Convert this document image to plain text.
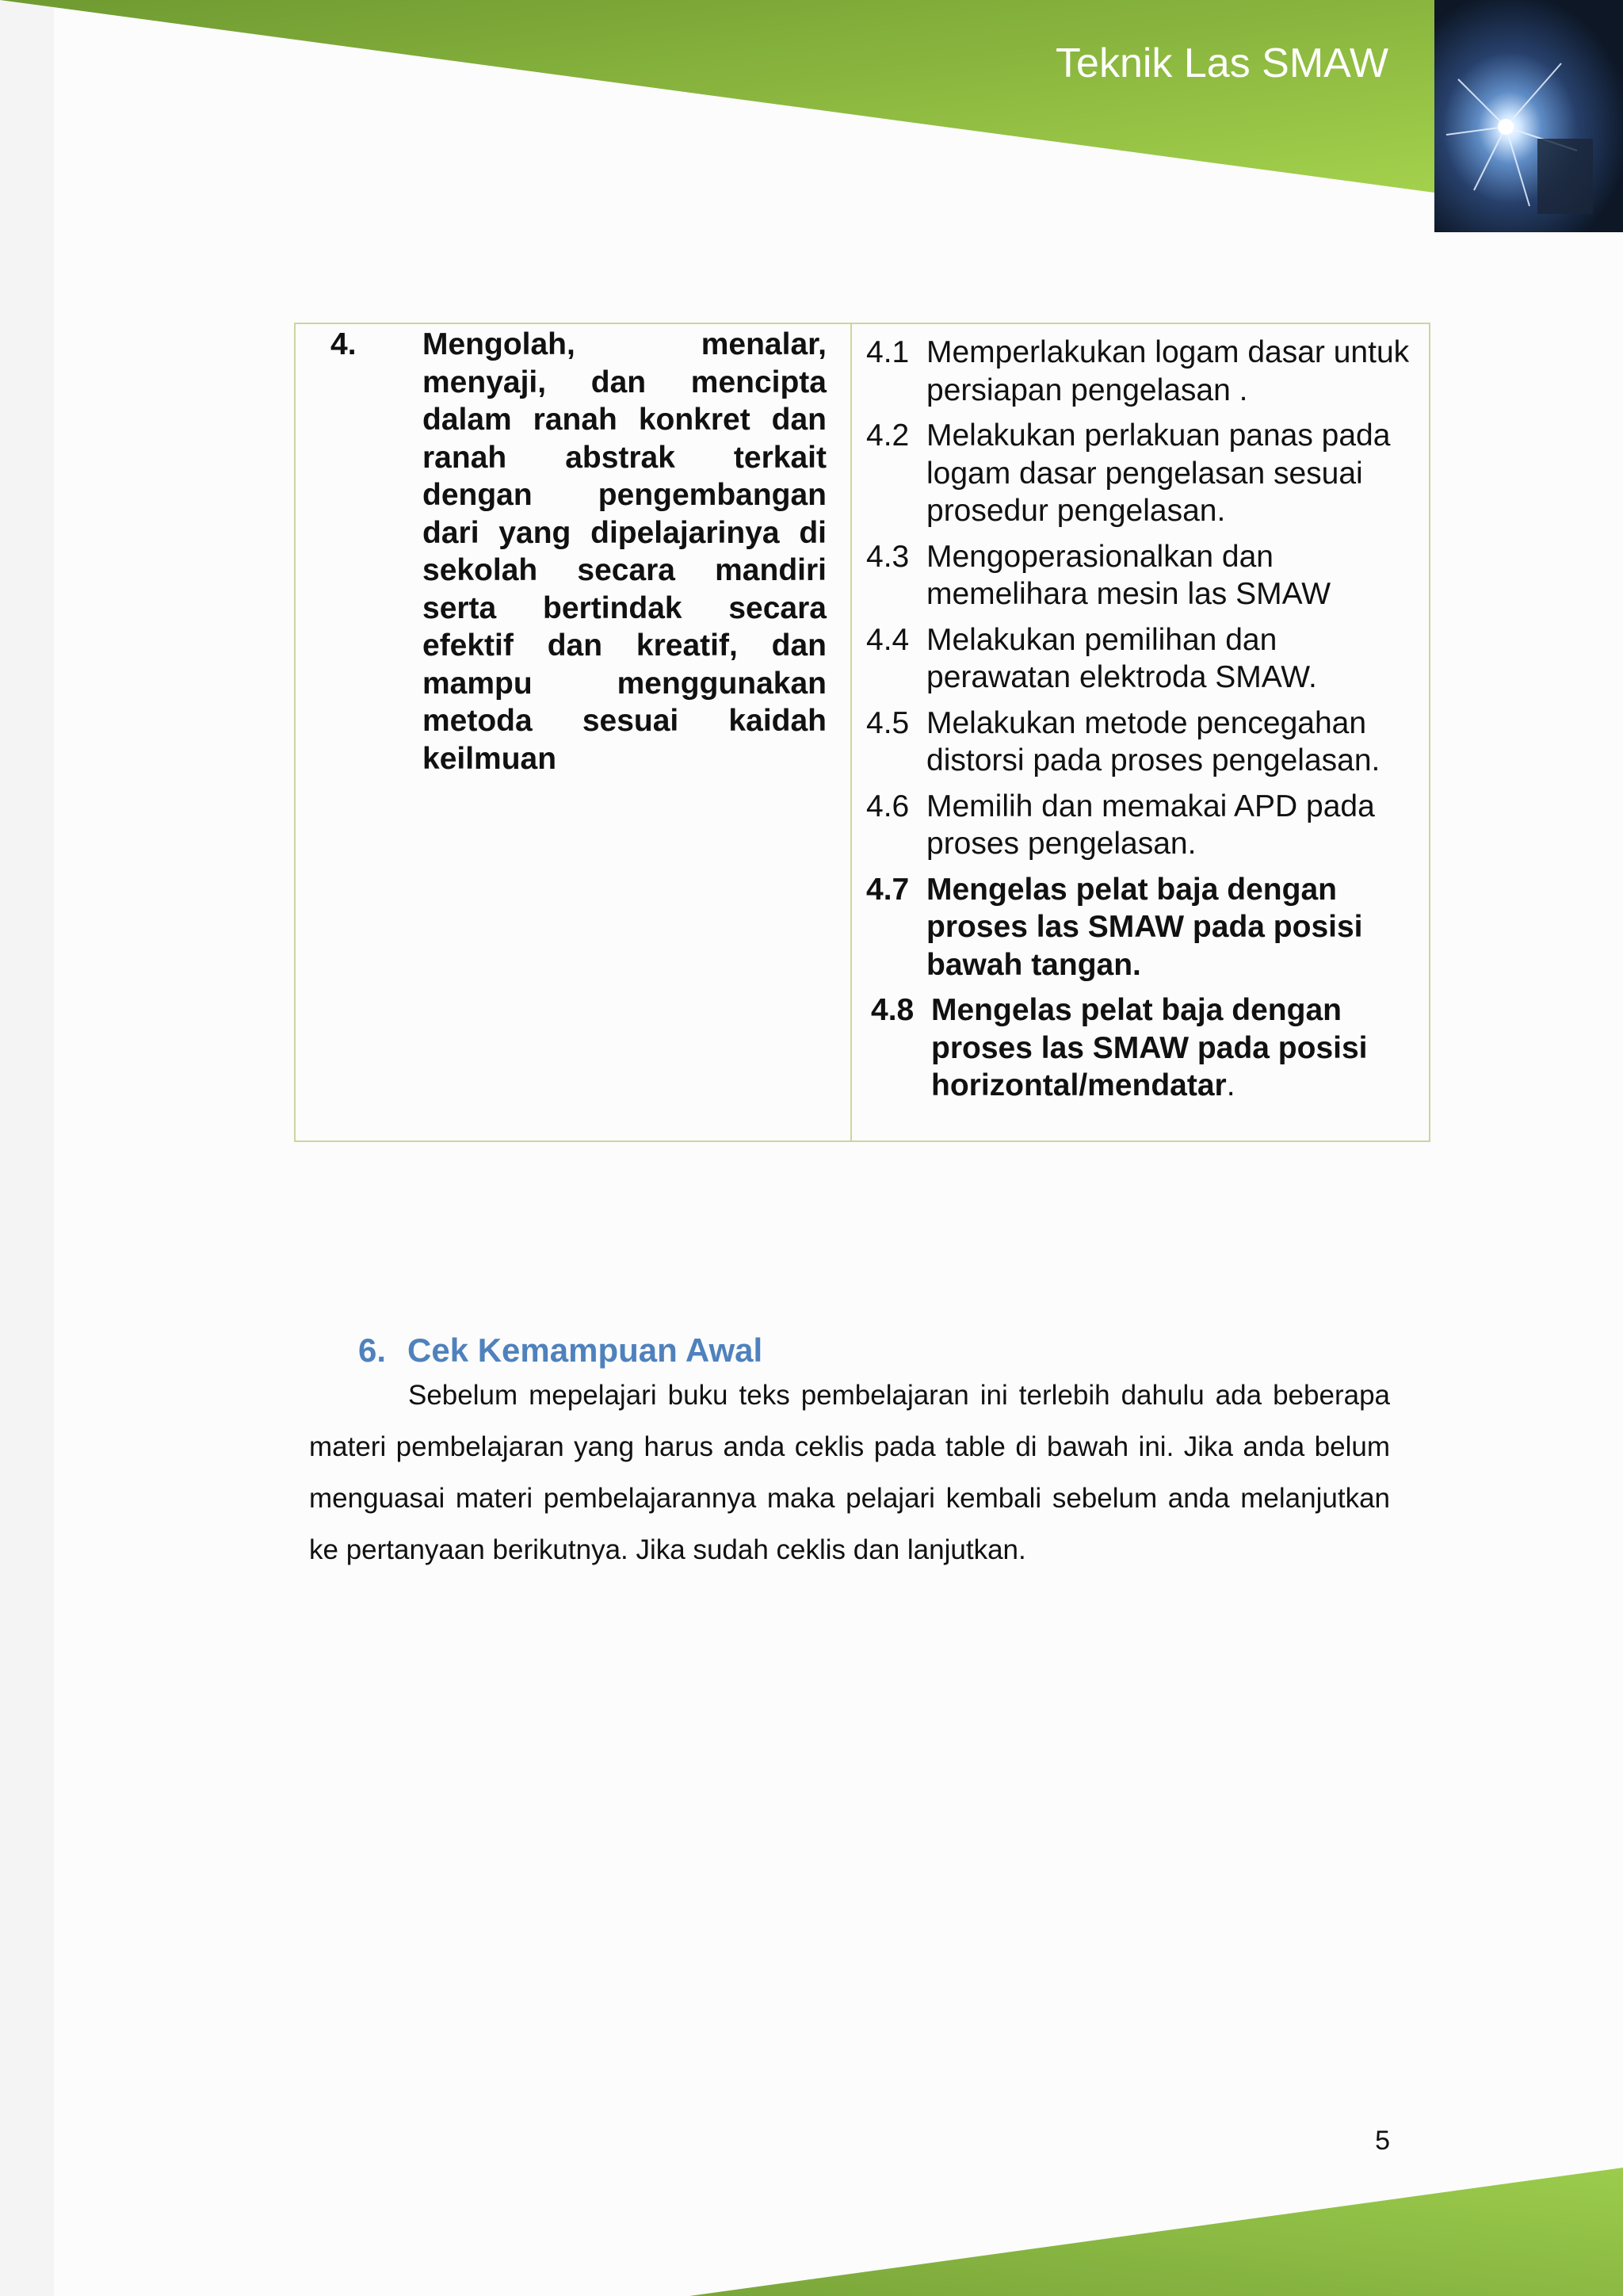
Teknik Las SMAW
4. Mengolah, menalar, menyaji, dan mencipta dalam ranah konkret dan ranah abstrak terkait dengan pengembangan dari yang dipelajarinya di sekolah secara mandiri serta bertindak secara efektif dan kreatif, dan mampu menggunakan metoda sesuai kaidah keilmuan
4.1 Memperlakukan logam dasar untuk persiapan pengelasan .
4.2 Melakukan perlakuan panas pada logam dasar pengelasan sesuai prosedur pengelasan.
4.3 Mengoperasionalkan dan memelihara mesin las SMAW
4.4 Melakukan pemilihan dan perawatan elektroda SMAW.
4.5 Melakukan metode pencegahan distorsi pada proses pengelasan.
4.6 Memilih dan memakai APD pada proses pengelasan.
4.7 Mengelas pelat baja dengan proses las SMAW pada posisi bawah tangan.
4.8 Mengelas pelat baja dengan proses las SMAW pada posisi horizontal/mendatar.
6. Cek Kemampuan Awal
Sebelum mepelajari buku teks pembelajaran ini terlebih dahulu ada beberapa materi pembelajaran yang harus anda ceklis pada table di bawah ini. Jika anda belum menguasai materi pembelajarannya maka pelajari kembali sebelum anda melanjutkan ke pertanyaan berikutnya. Jika sudah ceklis dan lanjutkan.
5
